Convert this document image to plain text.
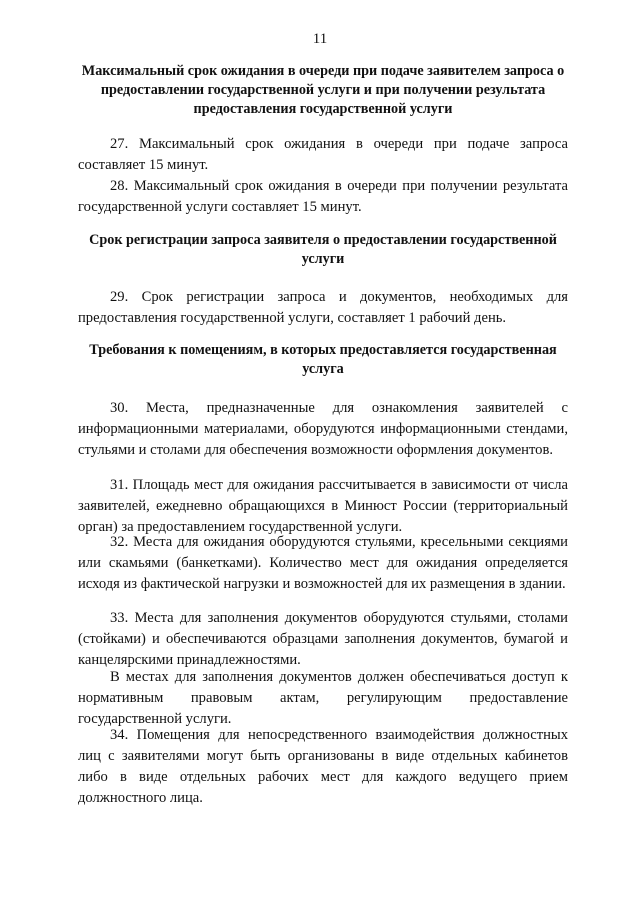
11
Максимальный срок ожидания в очереди при подаче заявителем запроса о предоставлении государственной услуги и при получении результата предоставления государственной услуги

27. Максимальный срок ожидания в очереди при подаче запроса составляет 15 минут.

28. Максимальный срок ожидания в очереди при получении результата государственной услуги составляет 15 минут.

Срок регистрации запроса заявителя о предоставлении государственной услуги

29. Срок регистрации запроса и документов, необходимых для предоставления государственной услуги, составляет 1 рабочий день.

Требования к помещениям, в которых предоставляется государственная услуга

30. Места, предназначенные для ознакомления заявителей с информационными материалами, оборудуются информационными стендами, стульями и столами для обеспечения возможности оформления документов.

31. Площадь мест для ожидания рассчитывается в зависимости от числа заявителей, ежедневно обращающихся в Минюст России (территориальный орган) за предоставлением государственной услуги.

32. Места для ожидания оборудуются стульями, кресельными секциями или скамьями (банкетками). Количество мест для ожидания определяется исходя из фактической нагрузки и возможностей для их размещения в здании.

33. Места для заполнения документов оборудуются стульями, столами (стойками) и обеспечиваются образцами заполнения документов, бумагой и канцелярскими принадлежностями.

В местах для заполнения документов должен обеспечиваться доступ к нормативным правовым актам, регулирующим предоставление государственной услуги.

34. Помещения для непосредственного взаимодействия должностных лиц с заявителями могут быть организованы в виде отдельных кабинетов либо в виде отдельных рабочих мест для каждого ведущего прием должностного лица.
